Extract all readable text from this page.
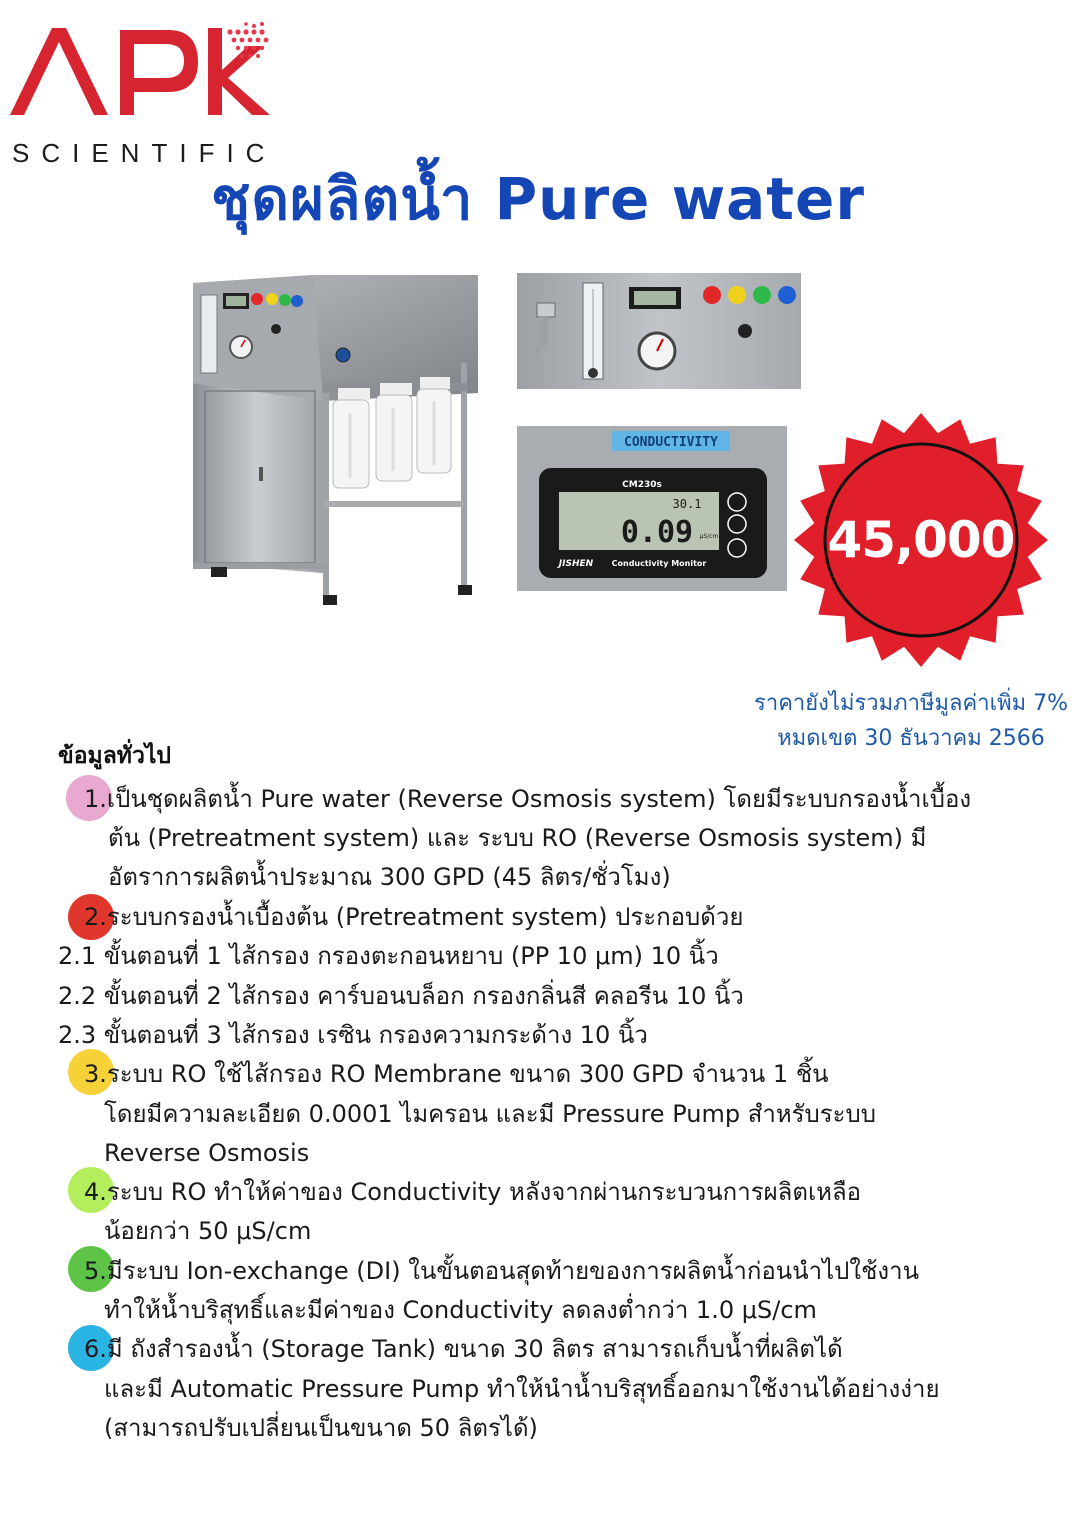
SCIENTIFIC
ชุดผลิตน้ำ Pure water
CONDUCTIVITY
CM230s
30.1
0.09 μS/cm
JISHEN Conductivity Monitor	45,000
ราคายังไม่รวมภาษีมูลค่าเพิ่ม 7%
หมดเขต 30 ธันวาคม 2566
ข้อมูลทั่วไป
1.เป็นชุดผลิตน้ำ Pure water (Reverse Osmosis system) โดยมีระบบกรองน้ำเบื้อง
ต้น (Pretreatment system) และ ระบบ RO (Reverse Osmosis system) มี
อัตราการผลิตน้ำประมาณ 300 GPD (45 ลิตร/ชั่วโมง)
2.ระบบกรองน้ำเบื้องต้น (Pretreatment system) ประกอบด้วย
2.1 ขั้นตอนที่ 1 ไส้กรอง กรองตะกอนหยาบ (PP 10 μm) 10 นิ้ว
2.2 ขั้นตอนที่ 2 ไส้กรอง คาร์บอนบล็อก กรองกลิ่นสี คลอรีน 10 นิ้ว
2.3 ขั้นตอนที่ 3 ไส้กรอง เรซิน กรองความกระด้าง 10 นิ้ว
3.ระบบ RO ใช้ไส้กรอง RO Membrane ขนาด 300 GPD จำนวน 1 ชิ้น
โดยมีความละเอียด 0.0001 ไมครอน และมี Pressure Pump สำหรับระบบ
Reverse Osmosis
4.ระบบ RO ทำให้ค่าของ Conductivity หลังจากผ่านกระบวนการผลิตเหลือ
น้อยกว่า 50 μS/cm
5.มีระบบ Ion-exchange (DI) ในขั้นตอนสุดท้ายของการผลิตน้ำก่อนนำไปใช้งาน
ทำให้น้ำบริสุทธิ์และมีค่าของ Conductivity ลดลงต่ำกว่า 1.0 μS/cm
6.มี ถังสำรองน้ำ (Storage Tank) ขนาด 30 ลิตร สามารถเก็บน้ำที่ผลิตได้
และมี Automatic Pressure Pump ทำให้นำน้ำบริสุทธิ์ออกมาใช้งานได้อย่างง่าย
(สามารถปรับเปลี่ยนเป็นขนาด 50 ลิตรได้)
